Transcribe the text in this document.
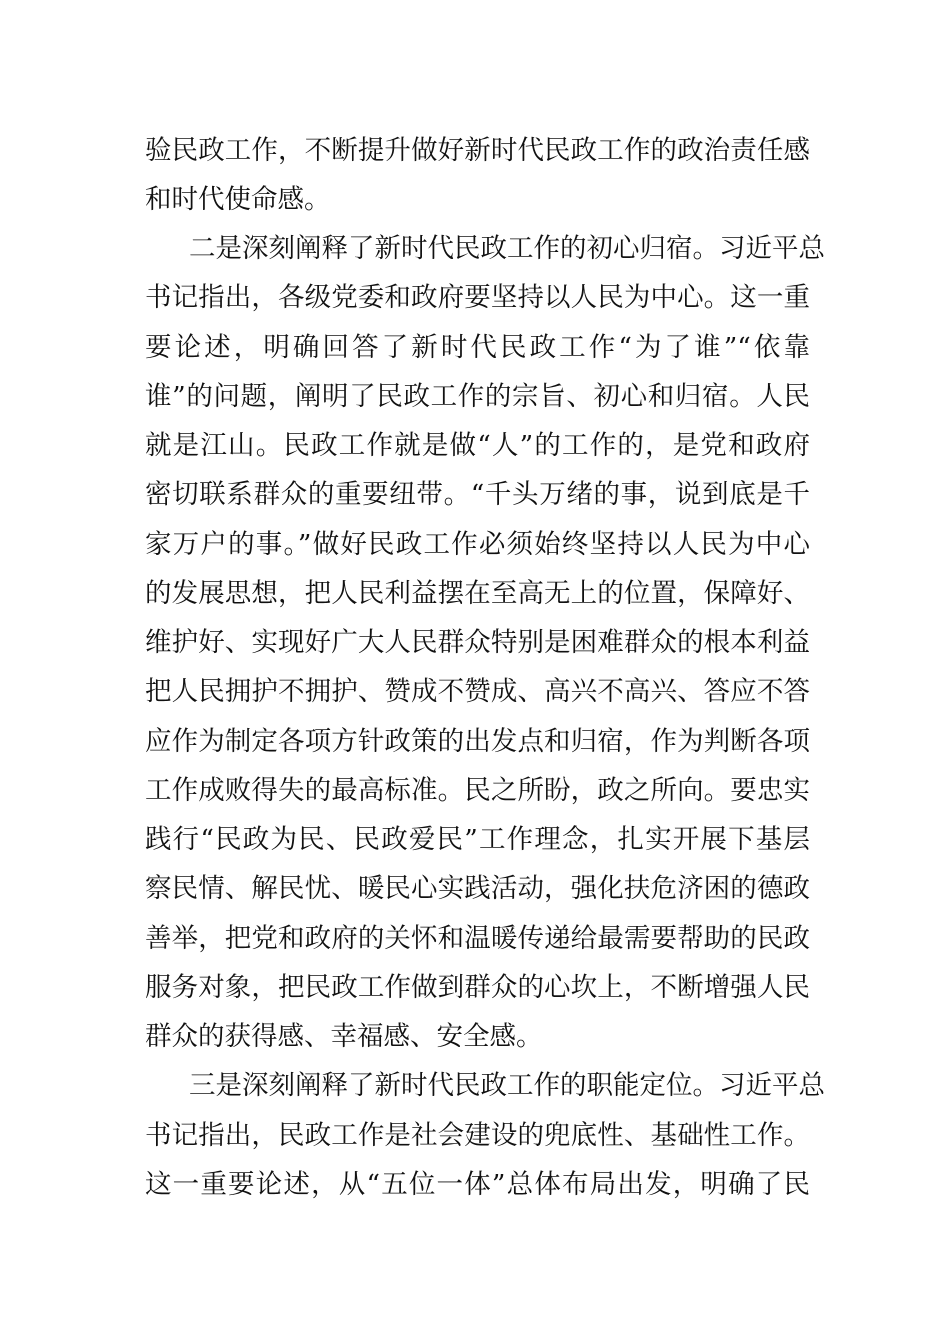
验民政工作，不断提升做好新时代民政工作的政治责任感
和时代使命感。
二是深刻阐释了新时代民政工作的初心归宿。习近平总
书记指出，各级党委和政府要坚持以人民为中心。这一重
要论述，明确回答了新时代民政工作“为了谁”“依靠
谁”的问题，阐明了民政工作的宗旨、初心和归宿。人民
就是江山。民政工作就是做“人”的工作的，是党和政府
密切联系群众的重要纽带。“千头万绪的事，说到底是千
家万户的事。”做好民政工作必须始终坚持以人民为中心
的发展思想，把人民利益摆在至高无上的位置，保障好、
维护好、实现好广大人民群众特别是困难群众的根本利益
把人民拥护不拥护、赞成不赞成、高兴不高兴、答应不答
应作为制定各项方针政策的出发点和归宿，作为判断各项
工作成败得失的最高标准。民之所盼，政之所向。要忠实
践行“民政为民、民政爱民”工作理念，扎实开展下基层
察民情、解民忧、暖民心实践活动，强化扶危济困的德政
善举，把党和政府的关怀和温暖传递给最需要帮助的民政
服务对象，把民政工作做到群众的心坎上，不断增强人民
群众的获得感、幸福感、安全感。
三是深刻阐释了新时代民政工作的职能定位。习近平总
书记指出，民政工作是社会建设的兜底性、基础性工作。
这一重要论述，从“五位一体”总体布局出发，明确了民
